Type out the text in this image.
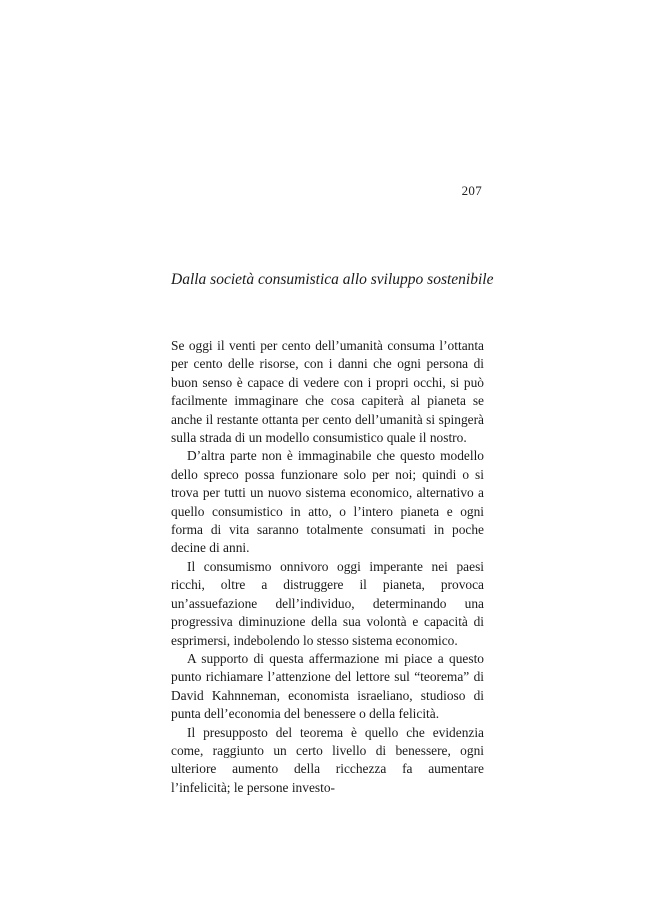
207
Dalla società consumistica allo sviluppo sostenibile

Se oggi il venti per cento dell’umanità consuma l’ottanta per cento delle risorse, con i danni che ogni persona di buon senso è capace di vedere con i propri occhi, si può facilmente immaginare che cosa capiterà al pianeta se anche il restante ottanta per cento dell’umanità si spingerà sulla strada di un modello consumistico quale il nostro.

D’altra parte non è immaginabile che questo modello dello spreco possa funzionare solo per noi; quindi o si trova per tutti un nuovo sistema economico, alternativo a quello consumistico in atto, o l’intero pianeta e ogni forma di vita saranno totalmente consumati in poche decine di anni.

Il consumismo onnivoro oggi imperante nei paesi ricchi, oltre a distruggere il pianeta, provoca un’assuefazione dell’individuo, determinando una progressiva diminuzione della sua volontà e capacità di esprimersi, indebolendo lo stesso sistema economico.

A supporto di questa affermazione mi piace a questo punto richiamare l’attenzione del lettore sul “teorema” di David Kahnneman, economista israeliano, studioso di punta dell’economia del benessere o della felicità.

Il presupposto del teorema è quello che evidenzia come, raggiunto un certo livello di benessere, ogni ulteriore aumento della ricchezza fa aumentare l’infelicità; le persone investo-
